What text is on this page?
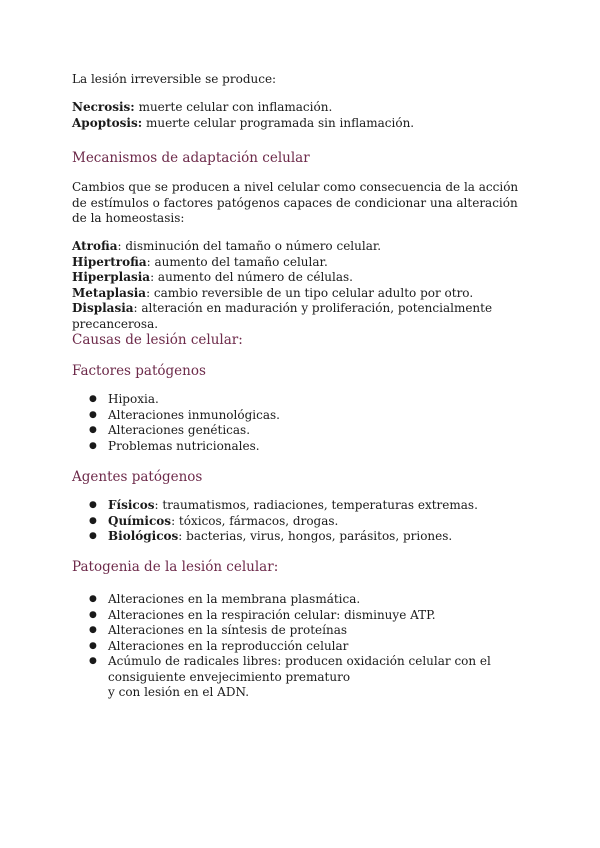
La lesión irreversible se produce:

Necrosis: muerte celular con inflamación.
Apoptosis: muerte celular programada sin inflamación.
Mecanismos de adaptación celular

Cambios que se producen a nivel celular como consecuencia de la acción de estímulos o factores patógenos capaces de condicionar una alteración de la homeostasis:

Atrofia: disminución del tamaño o número celular.
Hipertrofia: aumento del tamaño celular.
Hiperplasia: aumento del número de células.
Metaplasia: cambio reversible de un tipo celular adulto por otro.
Displasia: alteración en maduración y proliferación, potencialmente precancerosa.
Causas de lesión celular:
Factores patógenos
● Hipoxia.
● Alteraciones inmunológicas.
● Alteraciones genéticas.
● Problemas nutricionales.
Agentes patógenos
● Físicos: traumatismos, radiaciones, temperaturas extremas.
● Químicos: tóxicos, fármacos, drogas.
● Biológicos: bacterias, virus, hongos, parásitos, priones.
Patogenia de la lesión celular:
● Alteraciones en la membrana plasmática.
● Alteraciones en la respiración celular: disminuye ATP.
● Alteraciones en la síntesis de proteínas
● Alteraciones en la reproducción celular
● Acúmulo de radicales libres: producen oxidación celular con el consiguiente envejecimiento prematuro
y con lesión en el ADN.
